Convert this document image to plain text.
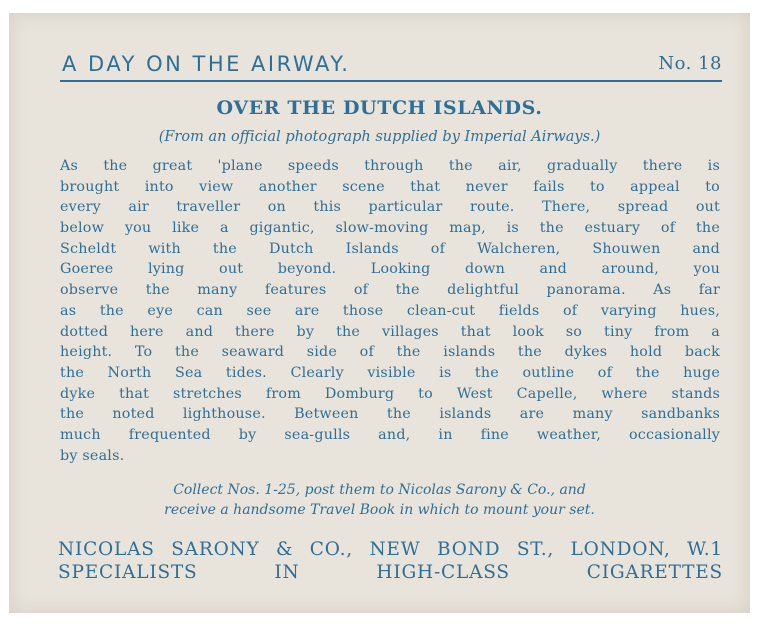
A DAY ON THE AIRWAY.	No. 18
OVER THE DUTCH ISLANDS.
(From an official photograph supplied by Imperial Airways.)
As the great 'plane speeds through the air, gradually there is
brought into view another scene that never fails to appeal to
every air traveller on this particular route. There, spread out
below you like a gigantic, slow-moving map, is the estuary of the
Scheldt with the Dutch Islands of Walcheren, Shouwen and
Goeree lying out beyond. Looking down and around, you
observe the many features of the delightful panorama. As far
as the eye can see are those clean-cut fields of varying hues,
dotted here and there by the villages that look so tiny from a
height. To the seaward side of the islands the dykes hold back
the North Sea tides. Clearly visible is the outline of the huge
dyke that stretches from Domburg to West Capelle, where stands
the noted lighthouse. Between the islands are many sandbanks
much frequented by sea-gulls and, in fine weather, occasionally
by seals.
Collect Nos. 1-25, post them to Nicolas Sarony & Co., and
receive a handsome Travel Book in which to mount your set.
NICOLAS SARONY & CO., NEW BOND ST., LONDON, W.1
SPECIALISTS IN HIGH-CLASS CIGARETTES
